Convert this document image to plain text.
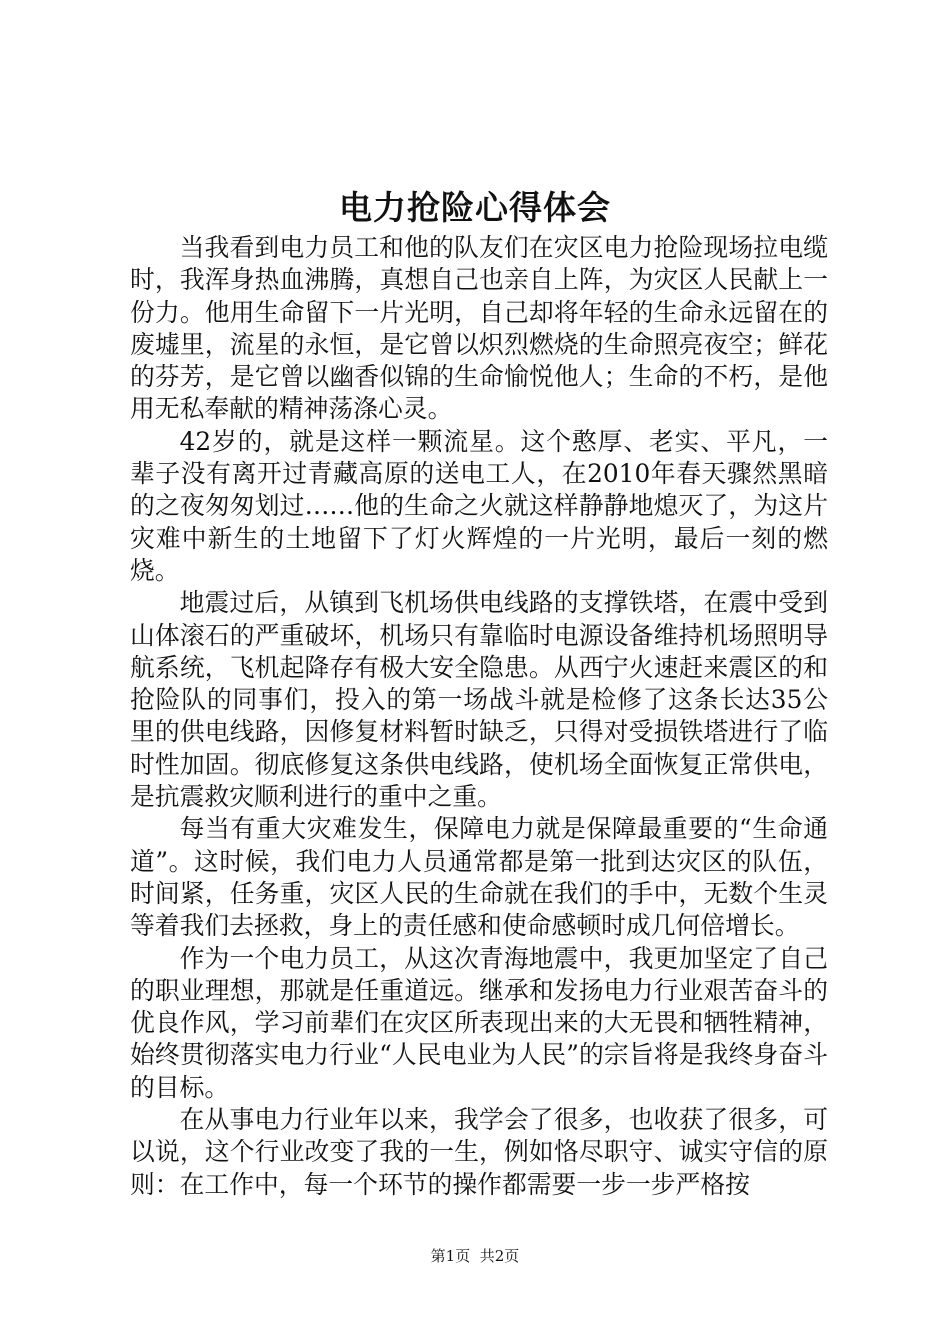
电力抢险心得体会

当我看到电力员工和他的队友们在灾区电力抢险现场拉电缆时，我浑身热血沸腾，真想自己也亲自上阵，为灾区人民献上一份力。他用生命留下一片光明，自己却将年轻的生命永远留在的废墟里，流星的永恒，是它曾以炽烈燃烧的生命照亮夜空；鲜花的芬芳，是它曾以幽香似锦的生命愉悦他人；生命的不朽，是他用无私奉献的精神荡涤心灵。

42岁的，就是这样一颗流星。这个憨厚、老实、平凡，一辈子没有离开过青藏高原的送电工人，在2010年春天骤然黑暗的之夜匆匆划过……他的生命之火就这样静静地熄灭了，为这片灾难中新生的土地留下了灯火辉煌的一片光明，最后一刻的燃烧。

地震过后，从镇到飞机场供电线路的支撑铁塔，在震中受到山体滚石的严重破坏，机场只有靠临时电源设备维持机场照明导航系统，飞机起降存有极大安全隐患。从西宁火速赶来震区的和抢险队的同事们，投入的第一场战斗就是检修了这条长达35公里的供电线路，因修复材料暂时缺乏，只得对受损铁塔进行了临时性加固。彻底修复这条供电线路，使机场全面恢复正常供电，是抗震救灾顺利进行的重中之重。

每当有重大灾难发生，保障电力就是保障最重要的“生命通道”。这时候，我们电力人员通常都是第一批到达灾区的队伍，时间紧，任务重，灾区人民的生命就在我们的手中，无数个生灵等着我们去拯救，身上的责任感和使命感顿时成几何倍增长。

作为一个电力员工，从这次青海地震中，我更加坚定了自己的职业理想，那就是任重道远。继承和发扬电力行业艰苦奋斗的优良作风，学习前辈们在灾区所表现出来的大无畏和牺牲精神，始终贯彻落实电力行业“人民电业为人民”的宗旨将是我终身奋斗的目标。

在从事电力行业年以来，我学会了很多，也收获了很多，可以说，这个行业改变了我的一生，例如恪尽职守、诚实守信的原则：在工作中，每一个环节的操作都需要一步一步严格按

第1页 共2页
